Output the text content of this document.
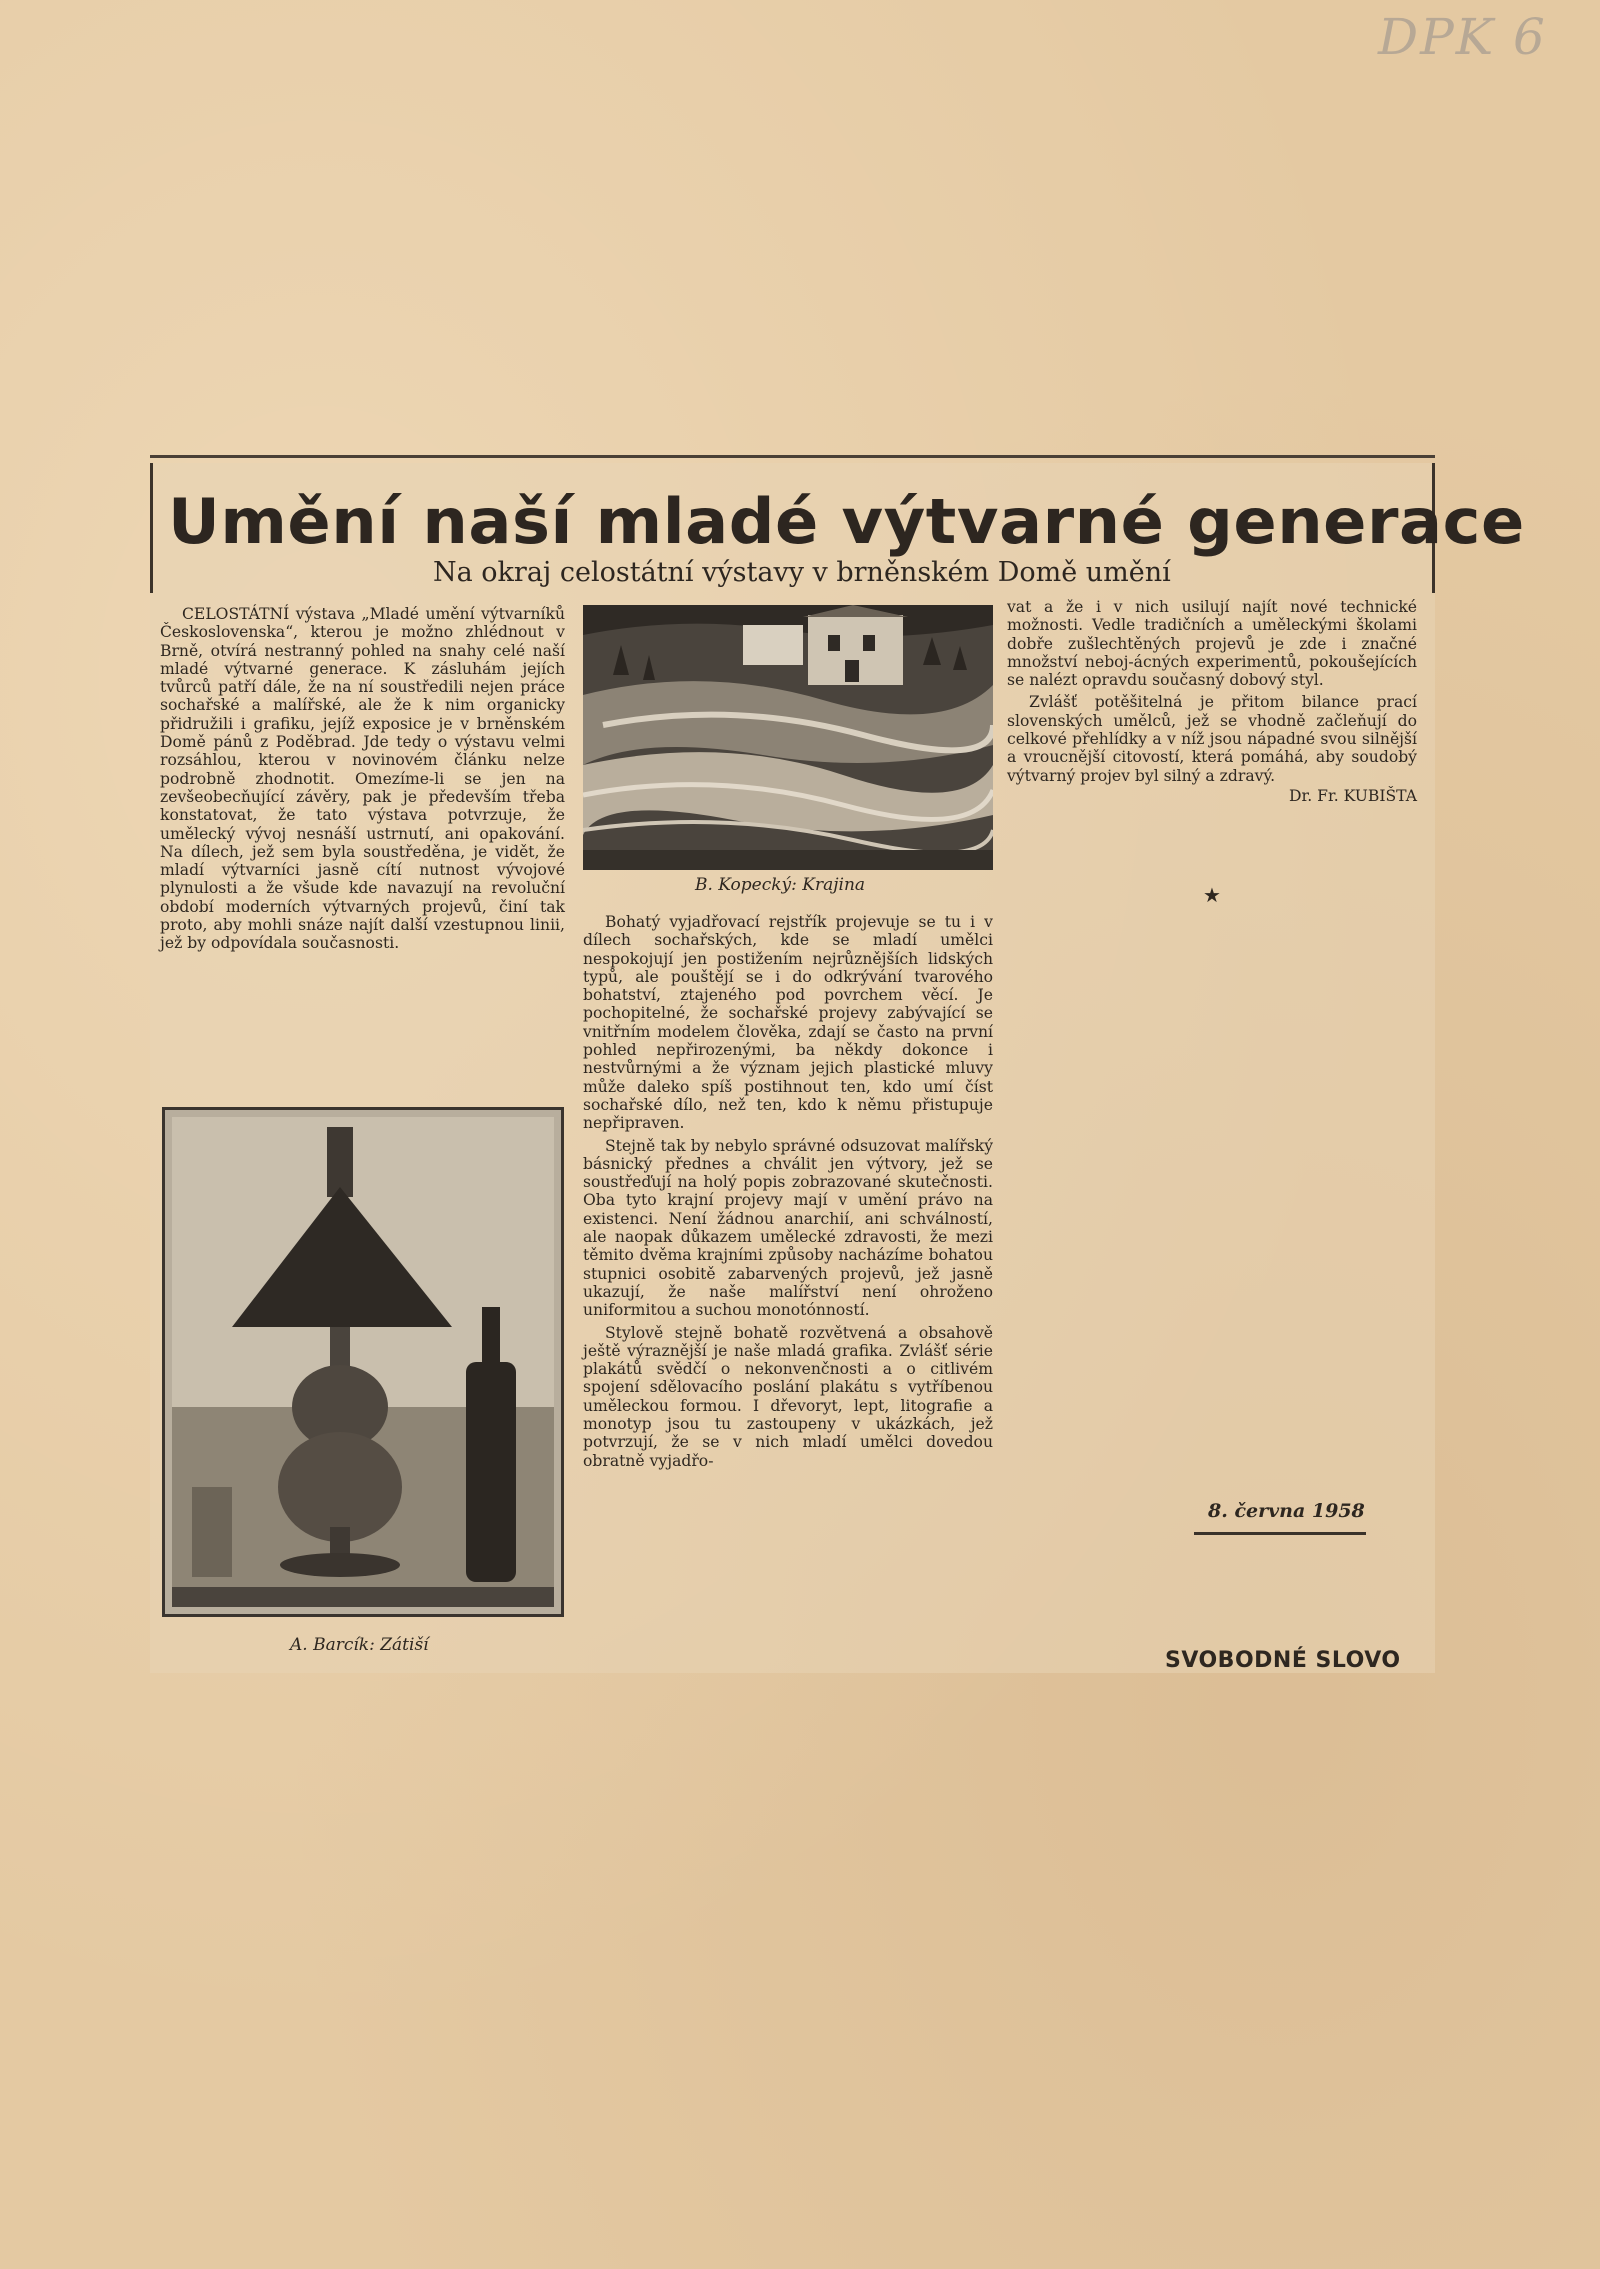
DPK 6
Umění naší mladé výtvarné generace
Na okraj celostátní výstavy v brněnském Domě umění

CELOSTÁTNÍ výstava „Mladé umění výtvarníků Československa“, kterou je možno zhlédnout v Brně, otvírá nestranný pohled na snahy celé naší mladé výtvarné generace. K zásluhám jejích tvůrců patří dále, že na ní soustředili nejen práce sochařské a malířské, ale že k nim organicky přidružili i grafiku, jejíž exposice je v brněnském Domě pánů z Poděbrad. Jde tedy o výstavu velmi rozsáhlou, kterou v novinovém článku nelze podrobně zhodnotit. Omezíme-li se jen na zevšeobecňující závěry, pak je především třeba konstatovat, že tato výstava potvrzuje, že umělecký vývoj nesnáší ustrnutí, ani opakování. Na dílech, jež sem byla soustředěna, je vidět, že mladí výtvarníci jasně cítí nutnost vývojové plynulosti a že všude kde navazují na revoluční období moderních výtvarných projevů, činí tak proto, aby mohli snáze najít další vzestupnou linii, jež by odpovídala současnosti.

B. Kopecký: Krajina

Bohatý vyjadřovací rejstřík projevuje se tu i v dílech sochařských, kde se mladí umělci nespokojují jen postižením nejrůznějších lidských typů, ale pouštějí se i do odkrývání tvarového bohatství, ztajeného pod povrchem věcí. Je pochopitelné, že sochařské projevy zabývající se vnitřním modelem člověka, zdají se často na první pohled nepřirozenými, ba někdy dokonce i nestvůrnými a že význam jejich plastické mluvy může daleko spíš postihnout ten, kdo umí číst sochařské dílo, než ten, kdo k němu přistupuje nepřipraven.

Stejně tak by nebylo správné odsuzovat malířský básnický přednes a chválit jen výtvory, jež se soustřeďují na holý popis zobrazované skutečnosti. Oba tyto krajní projevy mají v umění právo na existenci. Není žádnou anarchií, ani schválností, ale naopak důkazem umělecké zdravosti, že mezi těmito dvěma krajními způsoby nacházíme bohatou stupnici osobitě zabarvených projevů, jež jasně ukazují, že naše malířství není ohroženo uniformitou a suchou monotónností.

Stylově stejně bohatě rozvětvená a obsahově ještě výraznější je naše mladá grafika. Zvlášť série plakátů svědčí o nekonvenčnosti a o citlivém spojení sdělovacího poslání plakátu s vytříbenou uměleckou formou. I dřevoryt, lept, litografie a monotyp jsou tu zastoupeny v ukázkách, jež potvrzují, že se v nich mladí umělci dovedou obratně vyjadřo-

vat a že i v nich usilují najít nové technické možnosti. Vedle tradičních a uměleckými školami dobře zušlechtěných projevů je zde i značné množství neboj-ácných experimentů, pokoušejících se nalézt opravdu současný dobový styl.

Zvlášť potěšitelná je přitom bilance prací slovenských umělců, jež se vhodně začleňují do celkové přehlídky a v níž jsou nápadné svou silnější a vroucnější citovostí, která pomáhá, aby soudobý výtvarný projev byl silný a zdravý.

Dr. Fr. KUBIŠTA
★
A. Barcík: Zátiší
8. června 1958
SVOBODNÉ SLOVO
